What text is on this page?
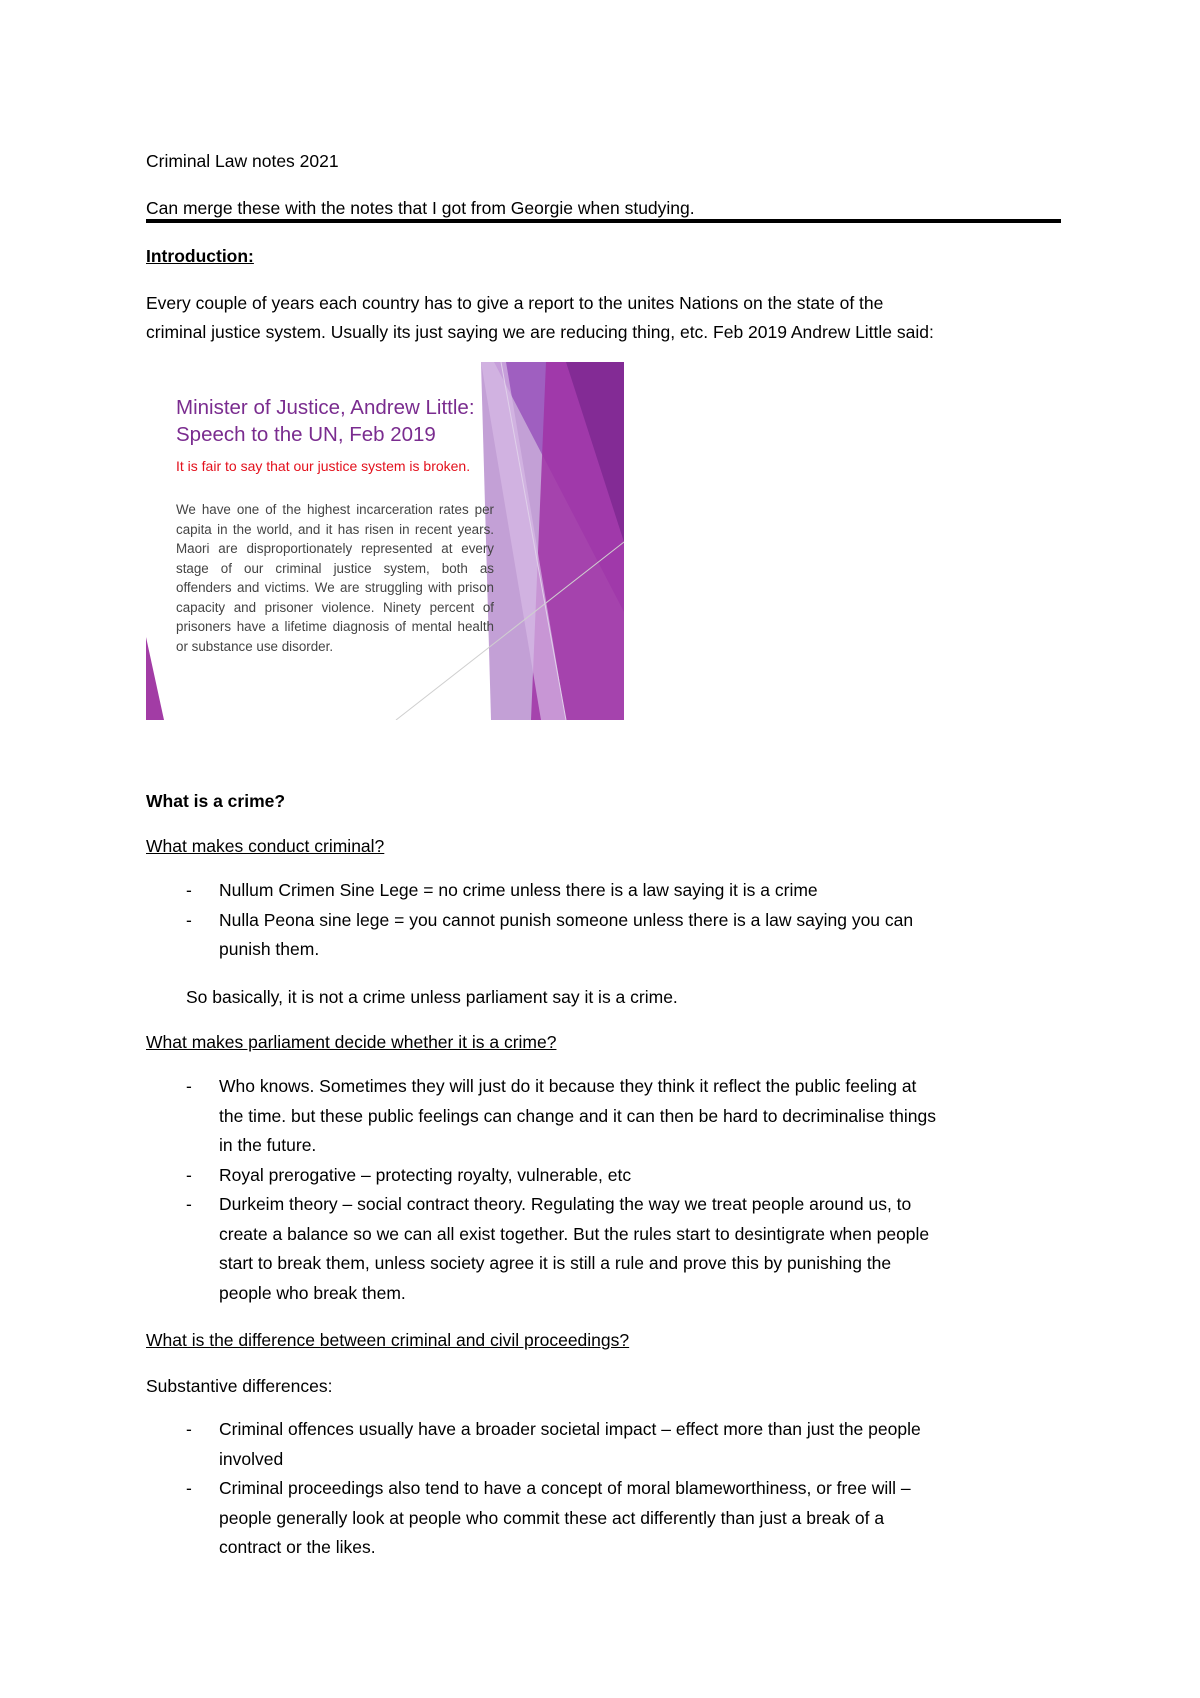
Criminal Law notes 2021

Can merge these with the notes that I got from Georgie when studying.

Introduction:

Every couple of years each country has to give a report to the unites Nations on the state of the

criminal justice system. Usually its just saying we are reducing thing, etc. Feb 2019 Andrew Little said:

Minister of Justice, Andrew Little:
Speech to the UN, Feb 2019
It is fair to say that our justice system is broken.
We have one of the highest incarceration rates per capita in the world, and it has risen in recent years. Maori are disproportionately represented at every stage of our criminal justice system, both as offenders and victims. We are struggling with prison capacity and prisoner violence. Ninety percent of prisoners have a lifetime diagnosis of mental health or substance use disorder.

What is a crime?

What makes conduct criminal?

- Nullum Crimen Sine Lege = no crime unless there is a law saying it is a crime
- Nulla Peona sine lege = you cannot punish someone unless there is a law saying you can
punish them.

So basically, it is not a crime unless parliament say it is a crime.

What makes parliament decide whether it is a crime?

- Who knows. Sometimes they will just do it because they think it reflect the public feeling at
the time. but these public feelings can change and it can then be hard to decriminalise things
in the future.
- Royal prerogative – protecting royalty, vulnerable, etc
- Durkeim theory – social contract theory. Regulating the way we treat people around us, to
create a balance so we can all exist together. But the rules start to desintigrate when people
start to break them, unless society agree it is still a rule and prove this by punishing the
people who break them.

What is the difference between criminal and civil proceedings?

Substantive differences:

- Criminal offences usually have a broader societal impact – effect more than just the people
involved
- Criminal proceedings also tend to have a concept of moral blameworthiness, or free will –
people generally look at people who commit these act differently than just a break of a
contract or the likes.
